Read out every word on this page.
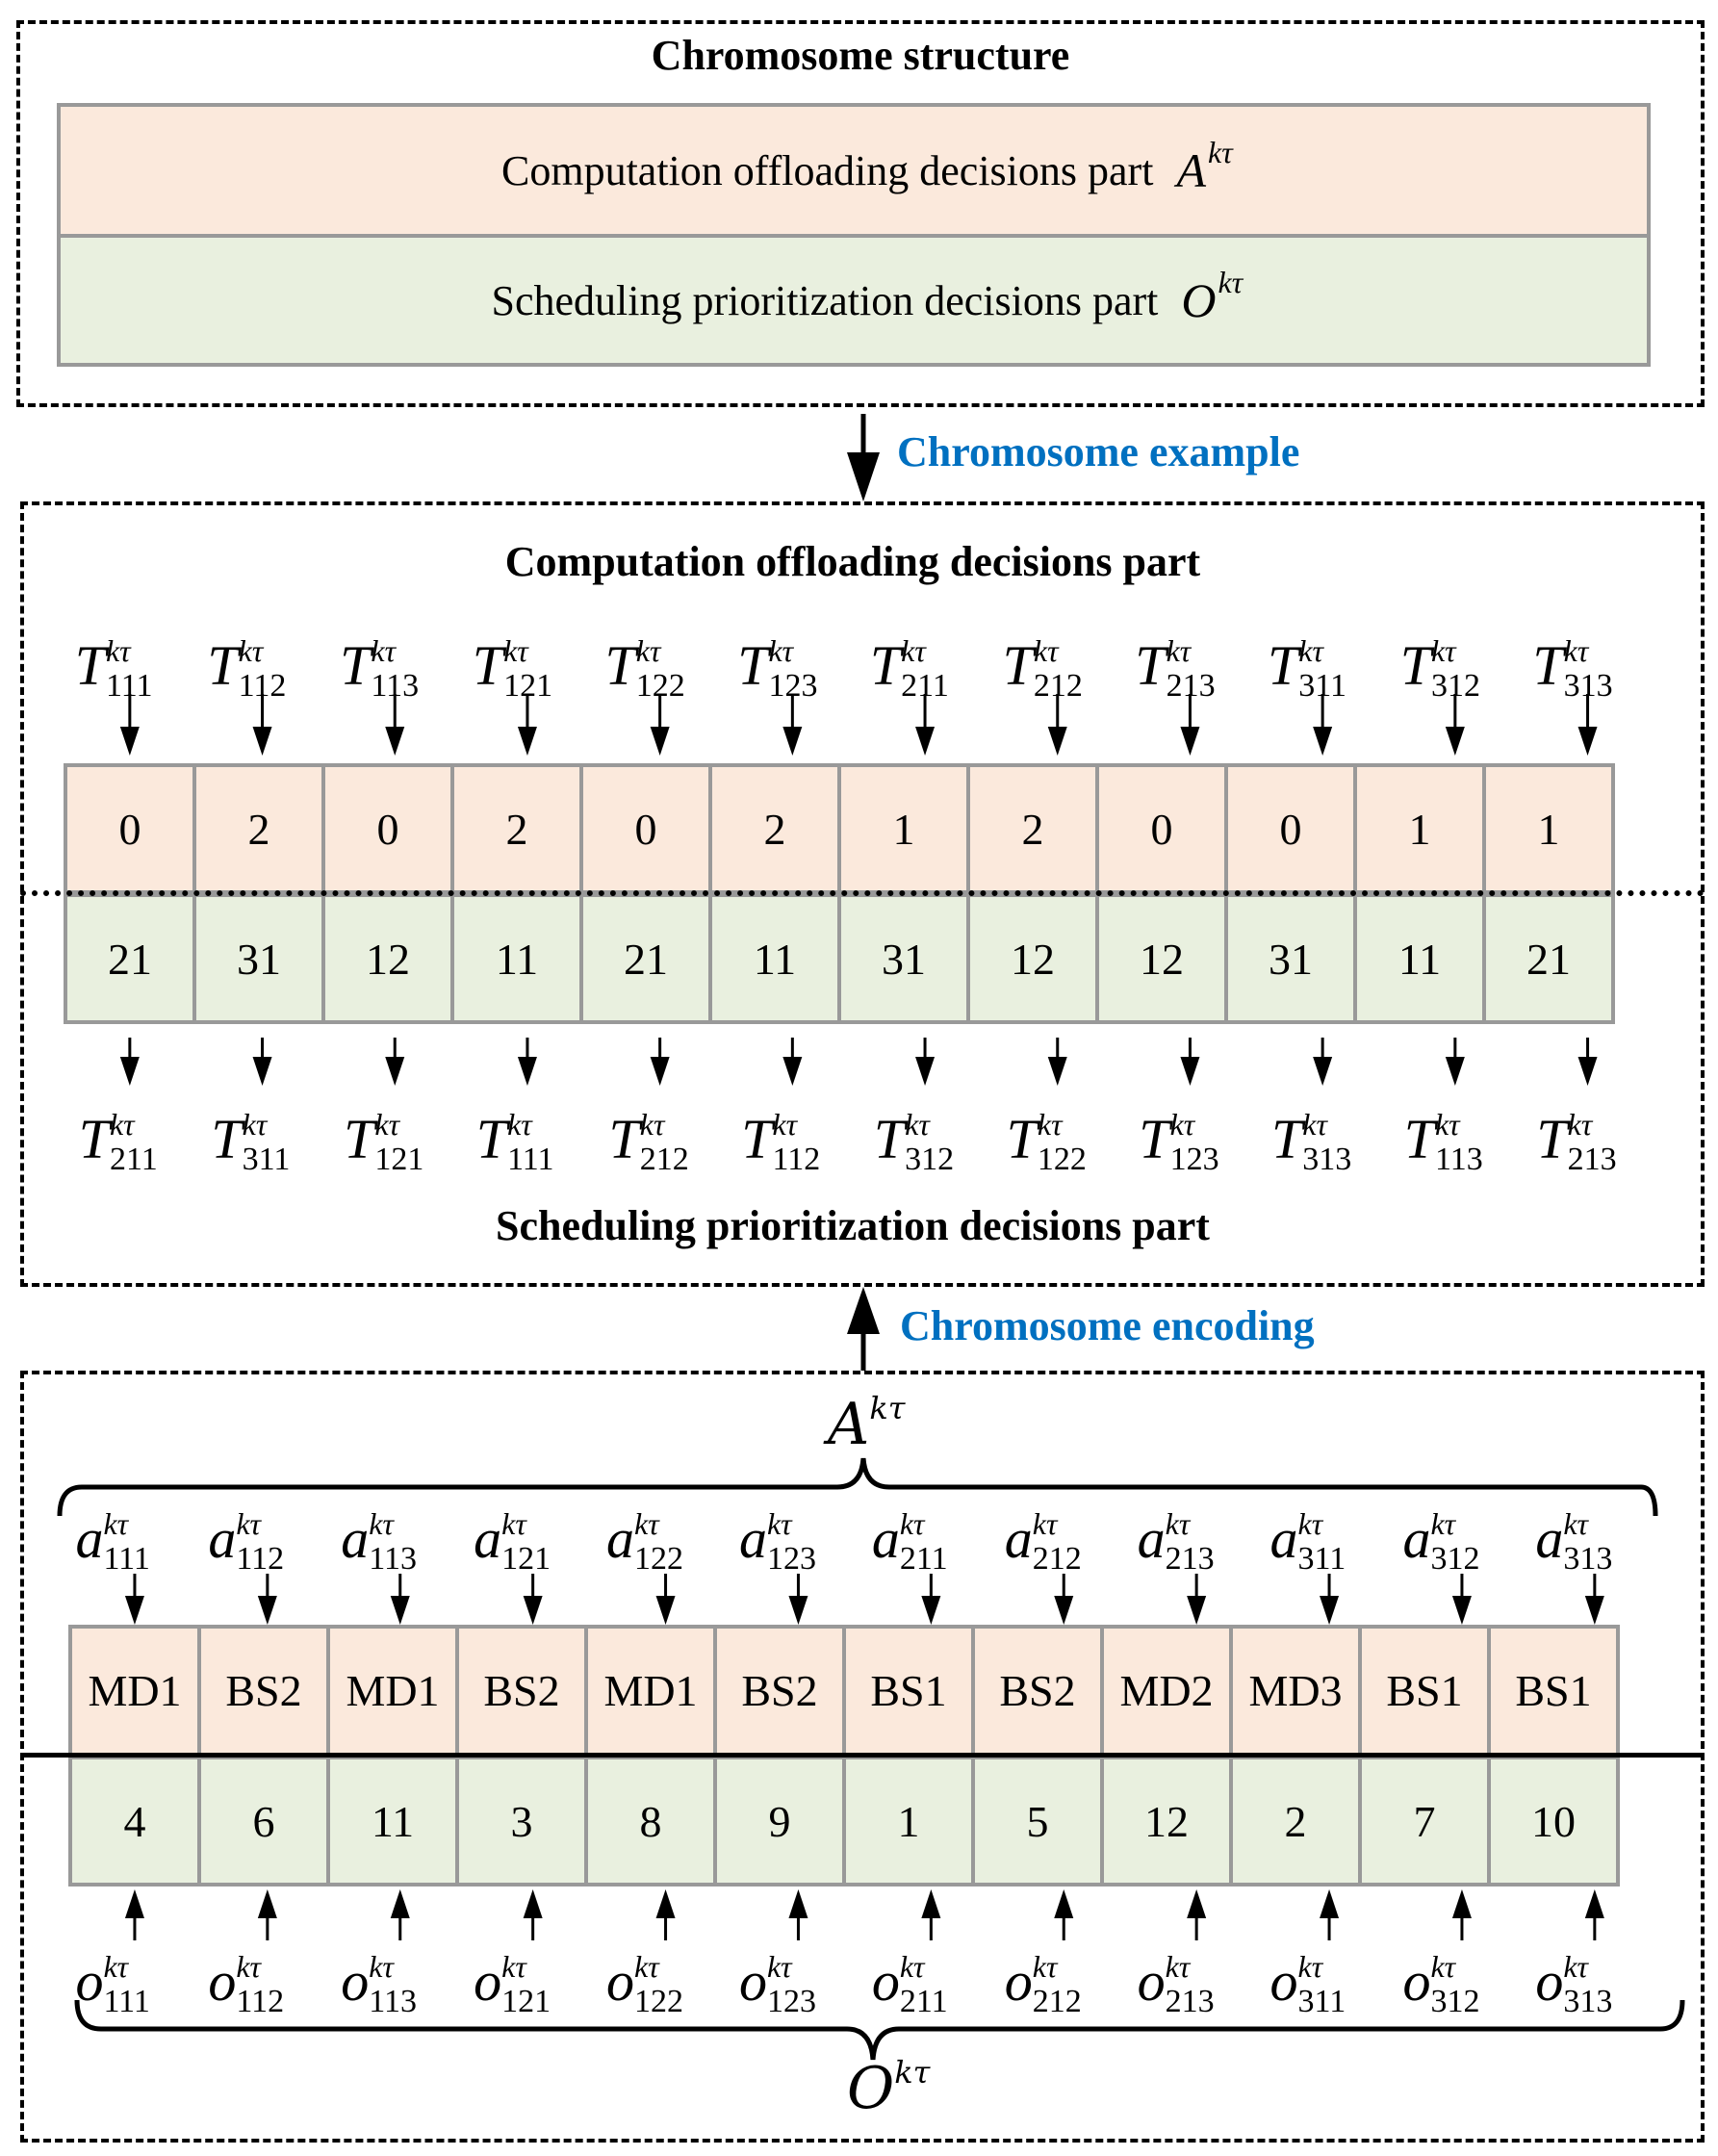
Chromosome structure
Computation offloading decisions part A kτ
Scheduling prioritization decisions part O kτ
Chromosome example
Computation offloading decisions part
T kτ
111 T kτ
112 T kτ
113 T kτ
121 T kτ
122 T kτ
123 T kτ
211 T kτ
212 T kτ
213 T kτ
311 T kτ
312 T kτ
313
0	2	0	2	0	2	1	2	0	0	1	1
21	31	12	11	21	11	31	12	12	31	11	21
T kτ
211 T kτ
311 T kτ
121 T kτ
111 T kτ
212 T kτ
112 T kτ
312 T kτ
122 T kτ
123 T kτ
313 T kτ
113 T kτ
213
Scheduling prioritization decisions part
Chromosome encoding
$A^{k\tau}$
a kτ
111	a kτ
112	a kτ
113	a kτ
121 a kτ
122 a kτ
123 a kτ
211	a kτ
212 a kτ
213 a kτ
311	a kτ
312 a kτ
313
MD1 BS2 MD1 BS2 MD1 BS2	BS1	BS2 MD2 MD3 BS1	BS1
4	6	11	3	8	9	1	5	12	2	7	10
o kτ
111	o kτ
112	o kτ
113	o kτ
121 o kτ
122 o kτ
123 o kτ
211	o kτ
212 o kτ
213 o kτ
311	o kτ
312 o kτ
313
$O^{k\tau}$
